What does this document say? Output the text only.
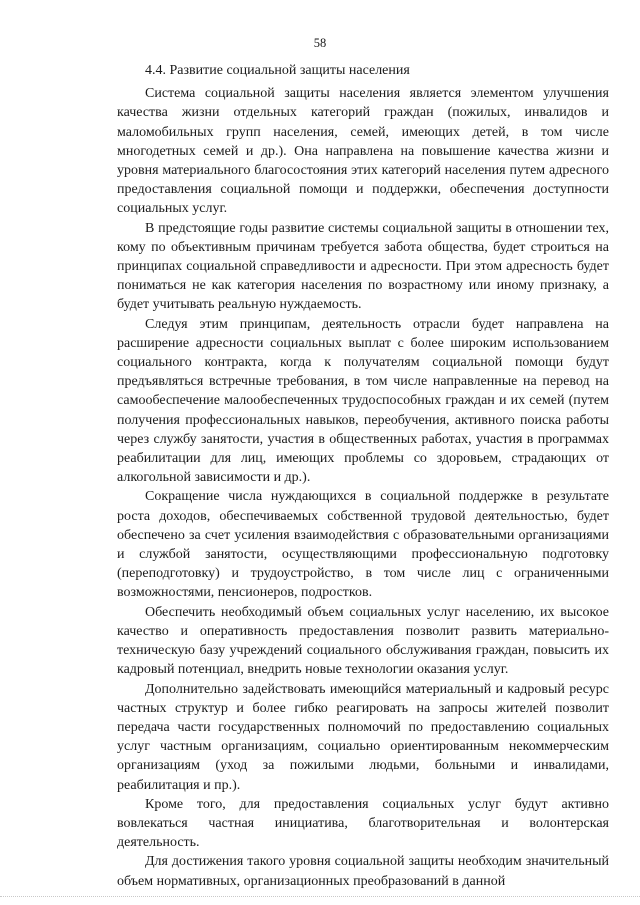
58
4.4. Развитие социальной защиты населения

Система социальной защиты населения является элементом улучшения качества жизни отдельных категорий граждан (пожилых, инвалидов и маломобильных групп населения, семей, имеющих детей, в том числе многодетных семей и др.). Она направлена на повышение качества жизни и уровня материального благосостояния этих категорий населения путем адресного предоставления социальной помощи и поддержки, обеспечения доступности социальных услуг.

В предстоящие годы развитие системы социальной защиты в отношении тех, кому по объективным причинам требуется забота общества, будет строиться на принципах социальной справедливости и адресности. При этом адресность будет пониматься не как категория населения по возрастному или иному признаку, а будет учитывать реальную нуждаемость.

Следуя этим принципам, деятельность отрасли будет направлена на расширение адресности социальных выплат с более широким использованием социального контракта, когда к получателям социальной помощи будут предъявляться встречные требования, в том числе направленные на перевод на самообеспечение малообеспеченных трудоспособных граждан и их семей (путем получения профессиональных навыков, переобучения, активного поиска работы через службу занятости, участия в общественных работах, участия в программах реабилитации для лиц, имеющих проблемы со здоровьем, страдающих от алкогольной зависимости и др.).

Сокращение числа нуждающихся в социальной поддержке в результате роста доходов, обеспечиваемых собственной трудовой деятельностью, будет обеспечено за счет усиления взаимодействия с образовательными организациями и службой занятости, осуществляющими профессиональную подготовку (переподготовку) и трудоустройство, в том числе лиц с ограниченными возможностями, пенсионеров, подростков.

Обеспечить необходимый объем социальных услуг населению, их высокое качество и оперативность предоставления позволит развить материально-техническую базу учреждений социального обслуживания граждан, повысить их кадровый потенциал, внедрить новые технологии оказания услуг.

Дополнительно задействовать имеющийся материальный и кадровый ресурс частных структур и более гибко реагировать на запросы жителей позволит передача части государственных полномочий по предоставлению социальных услуг частным организациям, социально ориентированным некоммерческим организациям (уход за пожилыми людьми, больными и инвалидами, реабилитация и пр.).

Кроме того, для предоставления социальных услуг будут активно вовлекаться частная инициатива, благотворительная и волонтерская деятельность.

Для достижения такого уровня социальной защиты необходим значительный объем нормативных, организационных преобразований в данной
